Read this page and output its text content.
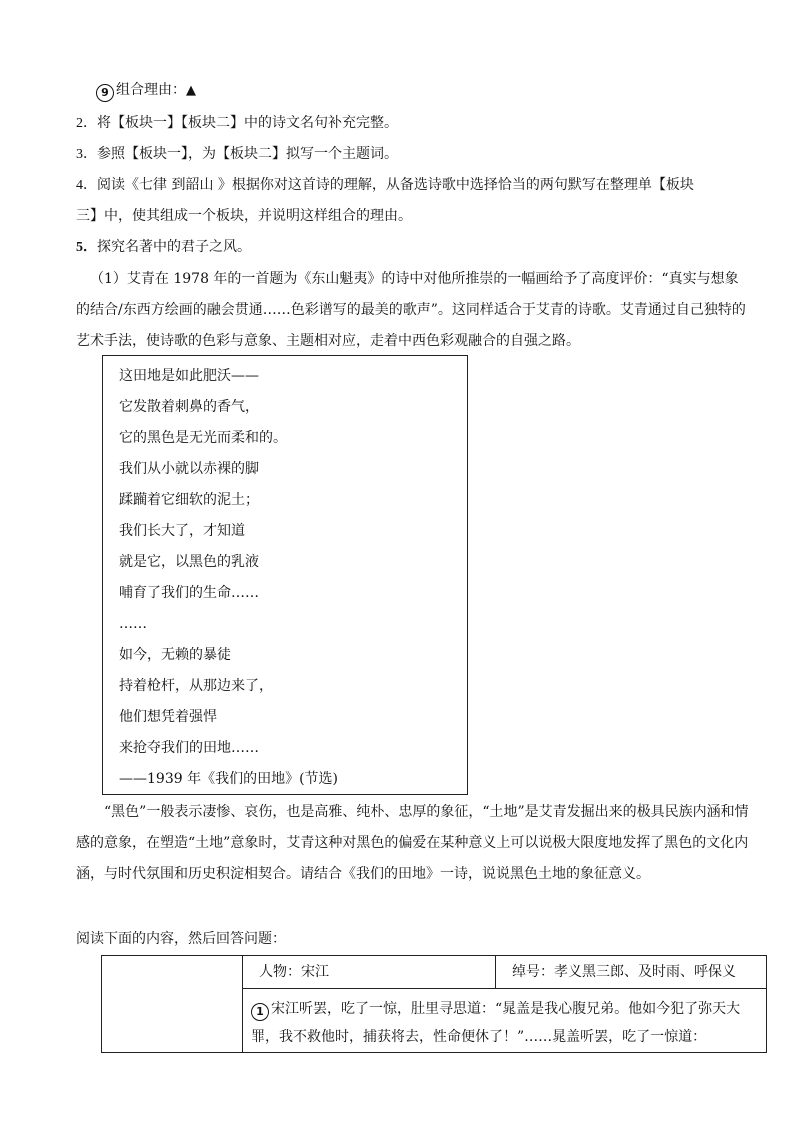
9 组合理由：▲
2．将【板块一】【板块二】中的诗文名句补充完整。
3．参照【板块一】，为【板块二】拟写一个主题词。
4．阅读《七律 到韶山 》根据你对这首诗的理解，从备选诗歌中选择恰当的两句默写在整理单【板块
三】中，使其组成一个板块，并说明这样组合的理由。
5．探究名著中的君子之风。

（1）艾青在 1978 年的一首题为《东山魁夷》的诗中对他所推崇的一幅画给予了高度评价：“真实与想象的结合/东西方绘画的融会贯通……色彩谱写的最美的歌声”。这同样适合于艾青的诗歌。艾青通过自己独特的艺术手法，使诗歌的色彩与意象、主题相对应，走着中西色彩观融合的自强之路。

这田地是如此肥沃——
它发散着刺鼻的香气，
它的黑色是无光而柔和的。
我们从小就以赤裸的脚
蹂躏着它细软的泥土；
我们长大了，才知道
就是它，以黑色的乳液
哺育了我们的生命……
……
如今，无赖的暴徒
持着枪杆，从那边来了，
他们想凭着强悍
来抢夺我们的田地……
——1939 年《我们的田地》(节选)

“黑色”一般表示凄惨、哀伤，也是高雅、纯朴、忠厚的象征，“土地”是艾青发掘出来的极具民族内涵和情感的意象，在塑造“土地”意象时，艾青这种对黑色的偏爱在某种意义上可以说极大限度地发挥了黑色的文化内涵，与时代氛围和历史积淀相契合。请结合《我们的田地》一诗，说说黑色土地的象征意义。

阅读下面的内容，然后回答问题：
	人物：宋江	绰号：孝义黑三郎、及时雨、呼保义
1 宋江听罢，吃了一惊，肚里寻思道：“晁盖是我心腹兄弟。他如今犯了弥天大罪，我不救他时，捕获将去，性命便休了！”……晁盖听罢，吃了一惊道：
